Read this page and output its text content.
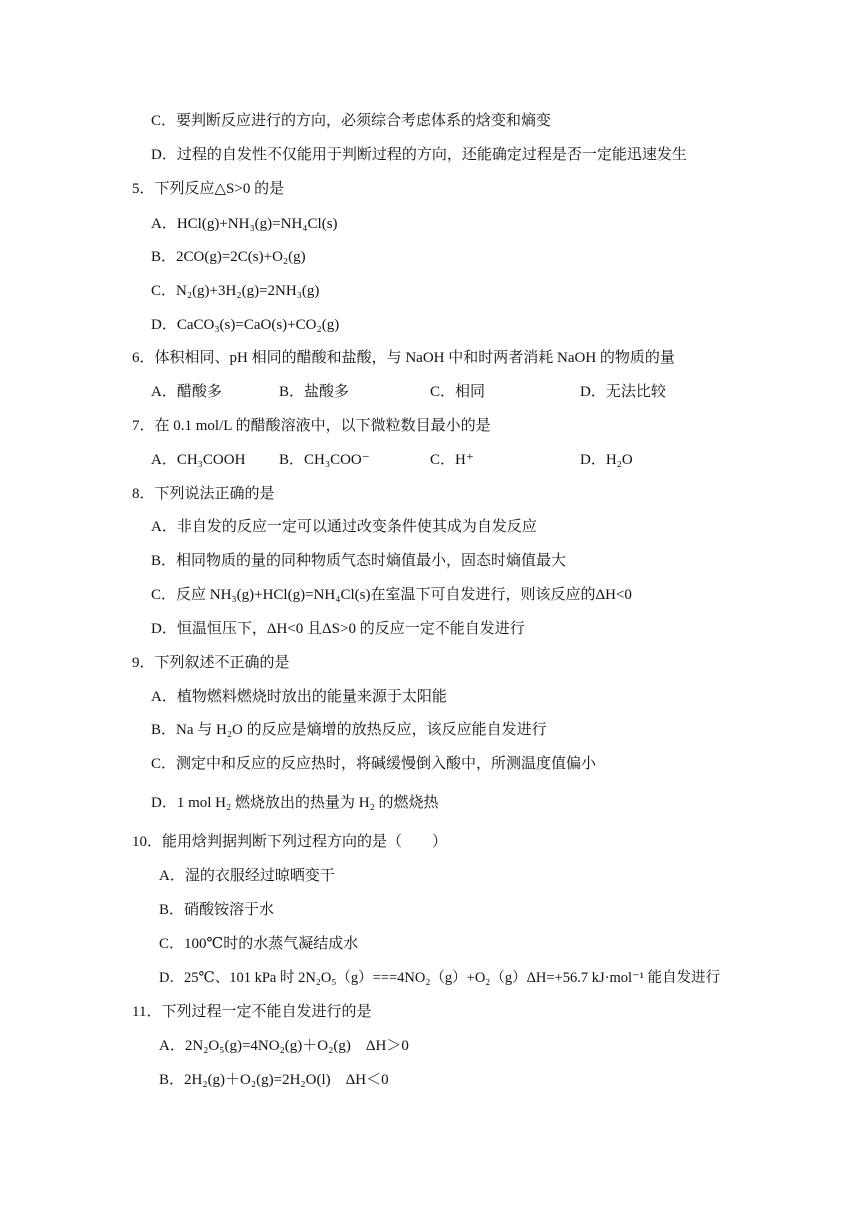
C．要判断反应进行的方向，必须综合考虑体系的焓变和熵变
D．过程的自发性不仅能用于判断过程的方向，还能确定过程是否一定能迅速发生
5．下列反应△S>0 的是
A．HCl(g)+NH₃(g)=NH₄Cl(s)
B．2CO(g)=2C(s)+O₂(g)
C．N₂(g)+3H₂(g)=2NH₃(g)
D．CaCO₃(s)=CaO(s)+CO₂(g)
6．体积相同、pH 相同的醋酸和盐酸，与 NaOH 中和时两者消耗 NaOH 的物质的量
A．醋酸多	B．盐酸多	C．相同	D．无法比较
7．在 0.1 mol/L 的醋酸溶液中，以下微粒数目最小的是
A．CH₃COOH B．CH₃COO⁻	C．H⁺	D．H₂O
8．下列说法正确的是
A．非自发的反应一定可以通过改变条件使其成为自发反应
B．相同物质的量的同种物质气态时熵值最小，固态时熵值最大
C．反应 NH₃(g)+HCl(g)=NH₄Cl(s)在室温下可自发进行，则该反应的ΔH<0
D．恒温恒压下，ΔH<0 且ΔS>0 的反应一定不能自发进行
9．下列叙述不正确的是
A．植物燃料燃烧时放出的能量来源于太阳能
B．Na 与 H₂O 的反应是熵增的放热反应，该反应能自发进行
C．测定中和反应的反应热时，将碱缓慢倒入酸中，所测温度值偏小
D．1 mol H₂ 燃烧放出的热量为 H₂ 的燃烧热
10．能用焓判据判断下列过程方向的是（　　）
A．湿的衣服经过晾晒变干
B．硝酸铵溶于水
C．100℃时的水蒸气凝结成水
D．25℃、101 kPa 时 2N₂O₅（g）===4NO₂（g）+O₂（g）ΔH=+56.7 kJ·mol⁻¹ 能自发进行
11．下列过程一定不能自发进行的是
A．2N₂O₅(g)=4NO₂(g)＋O₂(g)　ΔH＞0
B．2H₂(g)＋O₂(g)=2H₂O(l)　ΔH＜0
